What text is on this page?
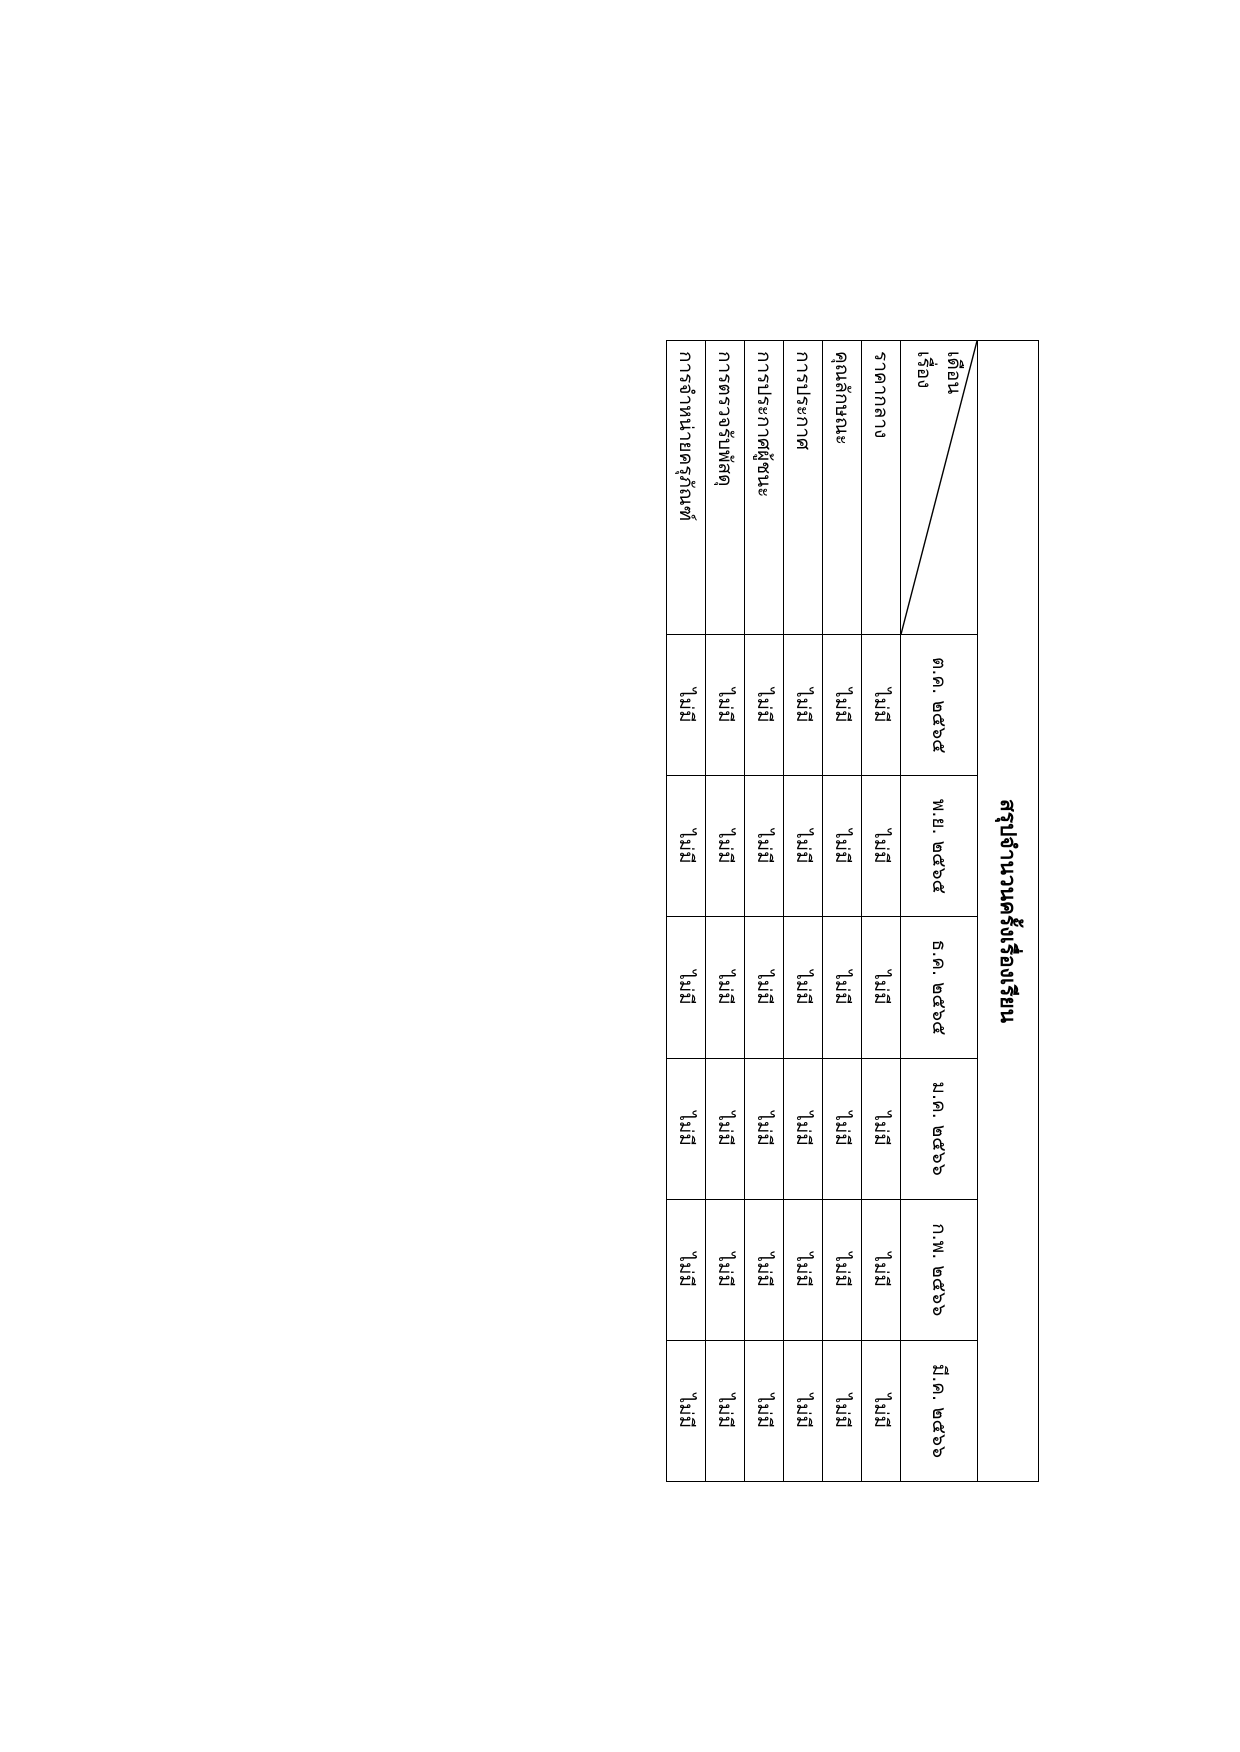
สรุปจำนวนครั้งเรื่องเรียน						

เดือน
เรื่อง	ต.ค. ๒๕๖๕	พ.ย. ๒๕๖๕	ธ.ค. ๒๕๖๕	ม.ค. ๒๕๖๖	ก.พ. ๒๕๖๖	มี.ค. ๒๕๖๖
ราคากลาง	ไม่มี	ไม่มี	ไม่มี	ไม่มี	ไม่มี	ไม่มี
คุณลักษณะ	ไม่มี	ไม่มี	ไม่มี	ไม่มี	ไม่มี	ไม่มี
การประกาศ	ไม่มี	ไม่มี	ไม่มี	ไม่มี	ไม่มี	ไม่มี
การประกาศผู้ชนะ	ไม่มี	ไม่มี	ไม่มี	ไม่มี	ไม่มี	ไม่มี
การตรวจรับพัสดุ	ไม่มี	ไม่มี	ไม่มี	ไม่มี	ไม่มี	ไม่มี
การจำหน่ายครุภัณฑ์	ไม่มี	ไม่มี	ไม่มี	ไม่มี	ไม่มี	ไม่มี
